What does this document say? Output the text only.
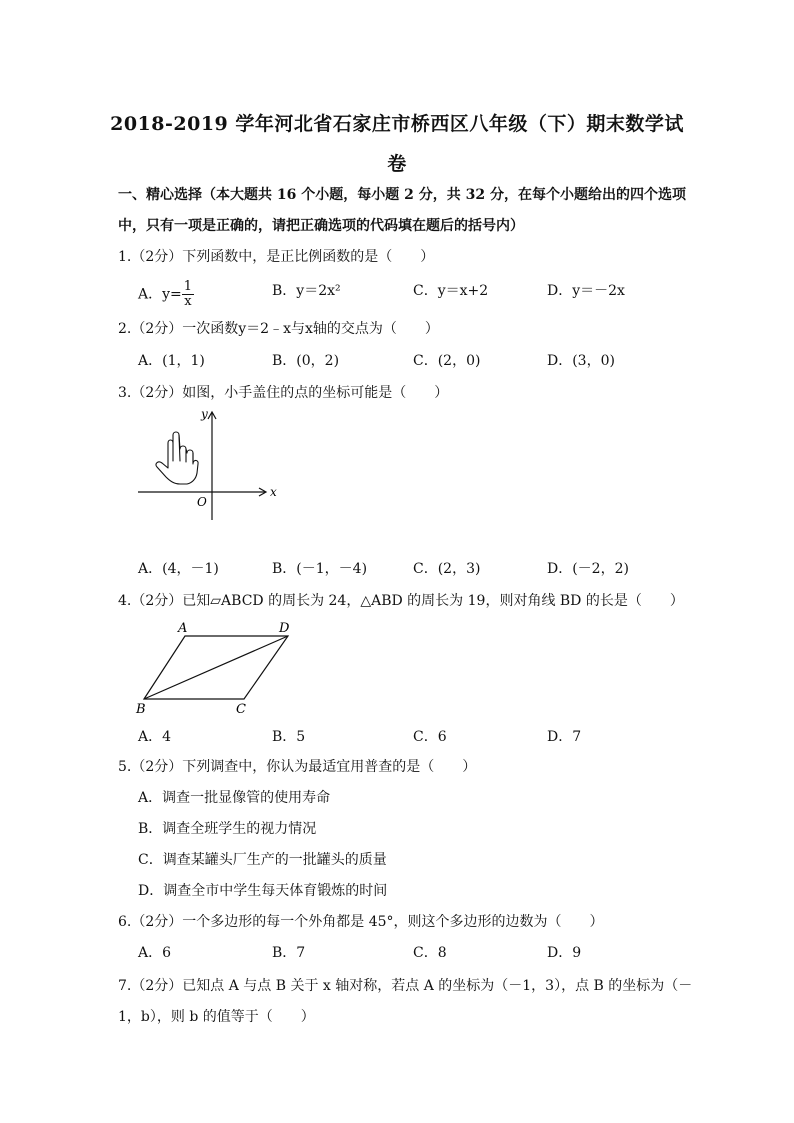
2018-2019 学年河北省石家庄市桥西区八年级（下）期末数学试
卷
一、精心选择（本大题共 16 个小题，每小题 2 分，共 32 分，在每个小题给出的四个选项
中，只有一项是正确的，请把正确选项的代码填在题后的括号内）
1.（2分）下列函数中，是正比例函数的是（　　）
A．$y= \frac{1}{x}$	B．y＝2x²	C．y＝x+2	D．y＝－2x
2.（2分）一次函数y＝2﹣x与x轴的交点为（　　）
A．(1，1)	B．(0，2)	C．(2，0)	D．(3，0)
3.（2分）如图，小手盖住的点的坐标可能是（　　）
y
x
O
A．(4，－1)	B．(－1，－4)	C．(2，3)	D．(－2，2)
4.（2分）已知▱ABCD 的周长为 24，△ABD 的周长为 19，则对角线 BD 的长是（　　）
A	D
B	C
A．4	B．5	C．6	D．7
5.（2分）下列调查中，你认为最适宜用普查的是（　　）
A．调查一批显像管的使用寿命
B．调查全班学生的视力情况
C．调查某罐头厂生产的一批罐头的质量
D．调查全市中学生每天体育锻炼的时间
6.（2分）一个多边形的每一个外角都是 45°，则这个多边形的边数为（　　）
A．6	B．7	C．8	D．9
7.（2分）已知点 A 与点 B 关于 x 轴对称，若点 A 的坐标为（－1，3），点 B 的坐标为（－
1，b），则 b 的值等于（　　）
